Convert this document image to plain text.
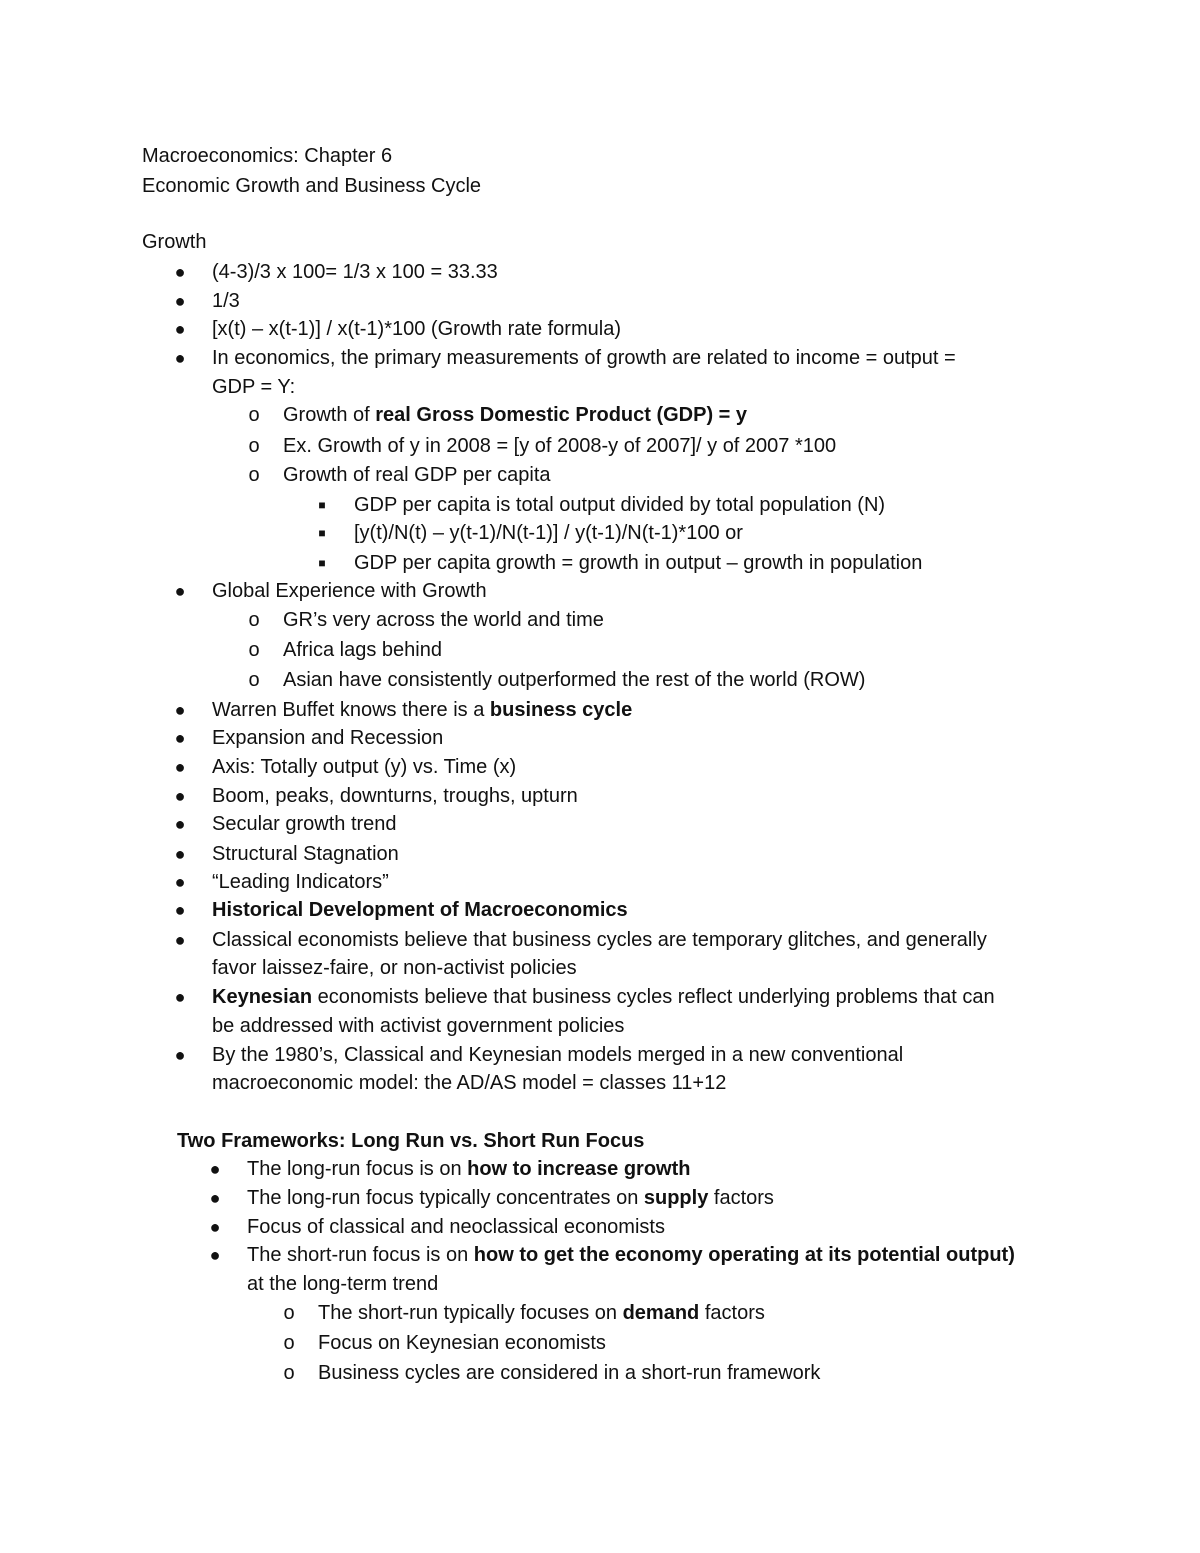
Macroeconomics: Chapter 6
Economic Growth and Business Cycle
Growth
●	(4-3)/3 x 100= 1/3 x 100 = 33.33
●	1/3
●	[x(t) – x(t-1)] / x(t-1)*100 (Growth rate formula)
●	In economics, the primary measurements of growth are related to income = output =
GDP = Y:
o	Growth of real Gross Domestic Product (GDP) = y
o	Ex. Growth of y in 2008 = [y of 2008-y of 2007]/ y of 2007 *100
o	Growth of real GDP per capita
■	GDP per capita is total output divided by total population (N)
■	[y(t)/N(t) – y(t-1)/N(t-1)] / y(t-1)/N(t-1)*100 or
■	GDP per capita growth = growth in output – growth in population
●	Global Experience with Growth
o	GR’s very across the world and time
o	Africa lags behind
o	Asian have consistently outperformed the rest of the world (ROW)
●	Warren Buffet knows there is a business cycle
●	Expansion and Recession
●	Axis: Totally output (y) vs. Time (x)
●	Boom, peaks, downturns, troughs, upturn
●	Secular growth trend
●	Structural Stagnation
●	“Leading Indicators”
●	Historical Development of Macroeconomics
●	Classical economists believe that business cycles are temporary glitches, and generally
favor laissez-faire, or non-activist policies
●	Keynesian economists believe that business cycles reflect underlying problems that can
be addressed with activist government policies
●	By the 1980’s, Classical and Keynesian models merged in a new conventional
macroeconomic model: the AD/AS model = classes 11+12
Two Frameworks: Long Run vs. Short Run Focus
●	The long-run focus is on how to increase growth
●	The long-run focus typically concentrates on supply factors
●	Focus of classical and neoclassical economists
●	The short-run focus is on how to get the economy operating at its potential output)
at the long-term trend
o	The short-run typically focuses on demand factors
o	Focus on Keynesian economists
o	Business cycles are considered in a short-run framework
